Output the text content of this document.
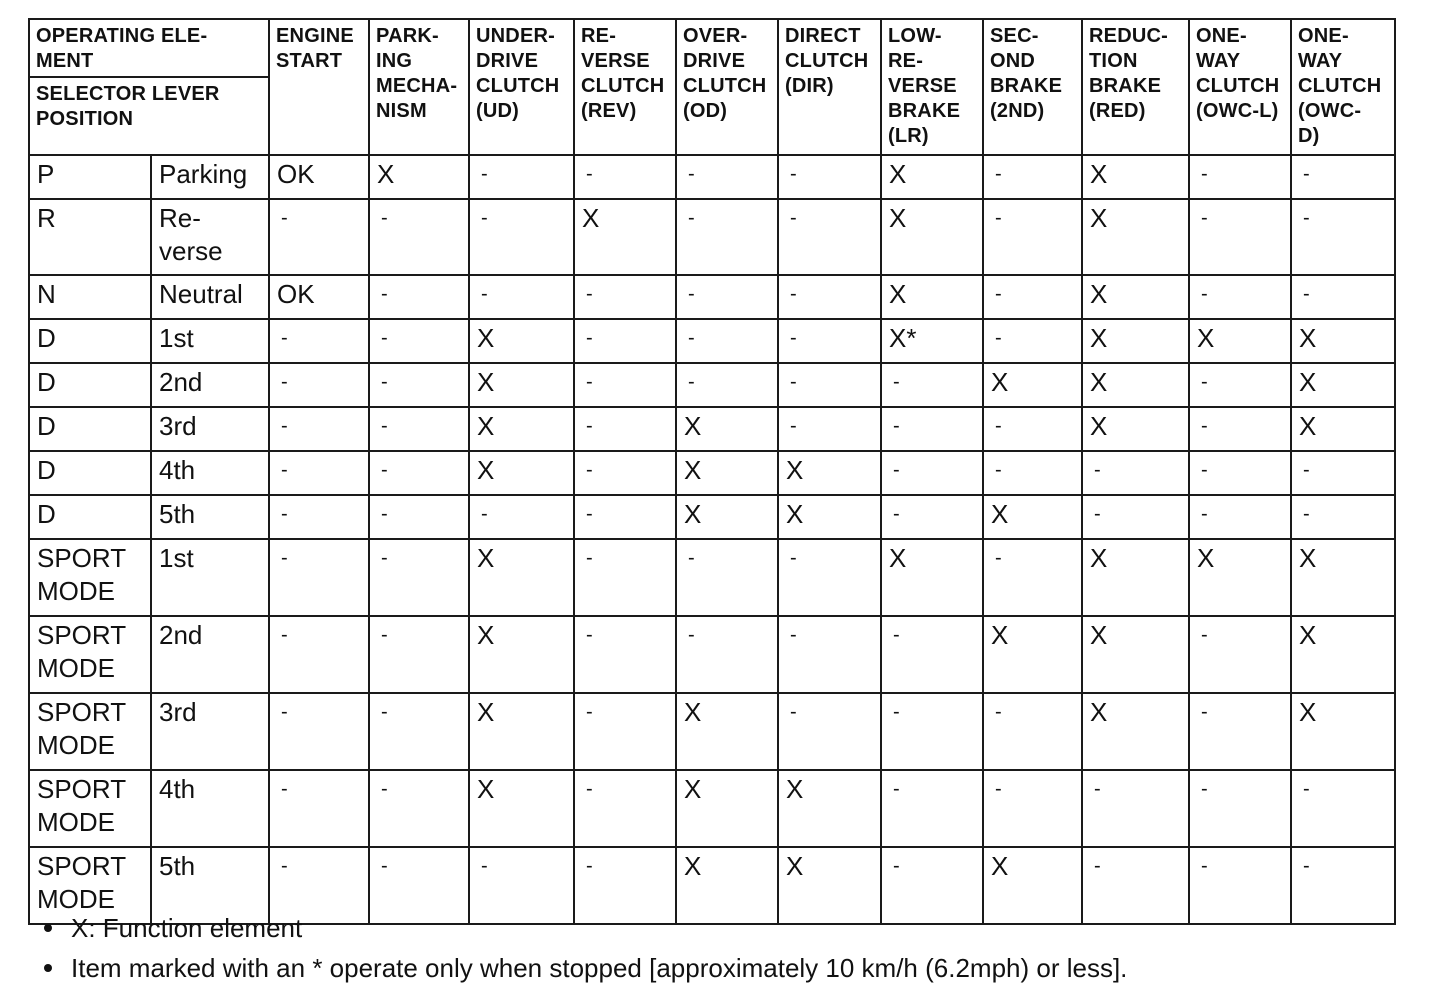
OPERATING ELE-
MENT		ENGINE
START	PARK-
ING
MECHA-
NISM	UNDER-
DRIVE
CLUTCH
(UD)	RE-
VERSE
CLUTCH
(REV)	OVER-
DRIVE
CLUTCH
(OD)	DIRECT
CLUTCH
(DIR)	LOW-
RE-
VERSE
BRAKE
(LR)	SEC-
OND
BRAKE
(2ND)	REDUC-
TION
BRAKE
(RED)	ONE-
WAY
CLUTCH
(OWC-L)	ONE-
WAY
CLUTCH
(OWC-
D)
SELECTOR LEVER
POSITION												
P	Parking	OK	X	-	-	-	-	X	-	X	-	-
R	Re-
verse	-	-	-	X	-	-	X	-	X	-	-
N	Neutral	OK	-	-	-	-	-	X	-	X	-	-
D	1st	-	-	X	-	-	-	X*	-	X	X	X
D	2nd	-	-	X	-	-	-	-	X	X	-	X
D	3rd	-	-	X	-	X	-	-	-	X	-	X
D	4th	-	-	X	-	X	X	-	-	-	-	-
D	5th	-	-	-	-	X	X	-	X	-	-	-
SPORT
MODE	1st	-	-	X	-	-	-	X	-	X	X	X
SPORT
MODE	2nd	-	-	X	-	-	-	-	X	X	-	X
SPORT
MODE	3rd	-	-	X	-	X	-	-	-	X	-	X
SPORT
MODE	4th	-	-	X	-	X	X	-	-	-	-	-
SPORT
MODE	5th	-	-	-	-	X	X	-	X	-	-	-
X: Function element
Item marked with an * operate only when stopped [approximately 10 km/h (6.2mph) or less].
